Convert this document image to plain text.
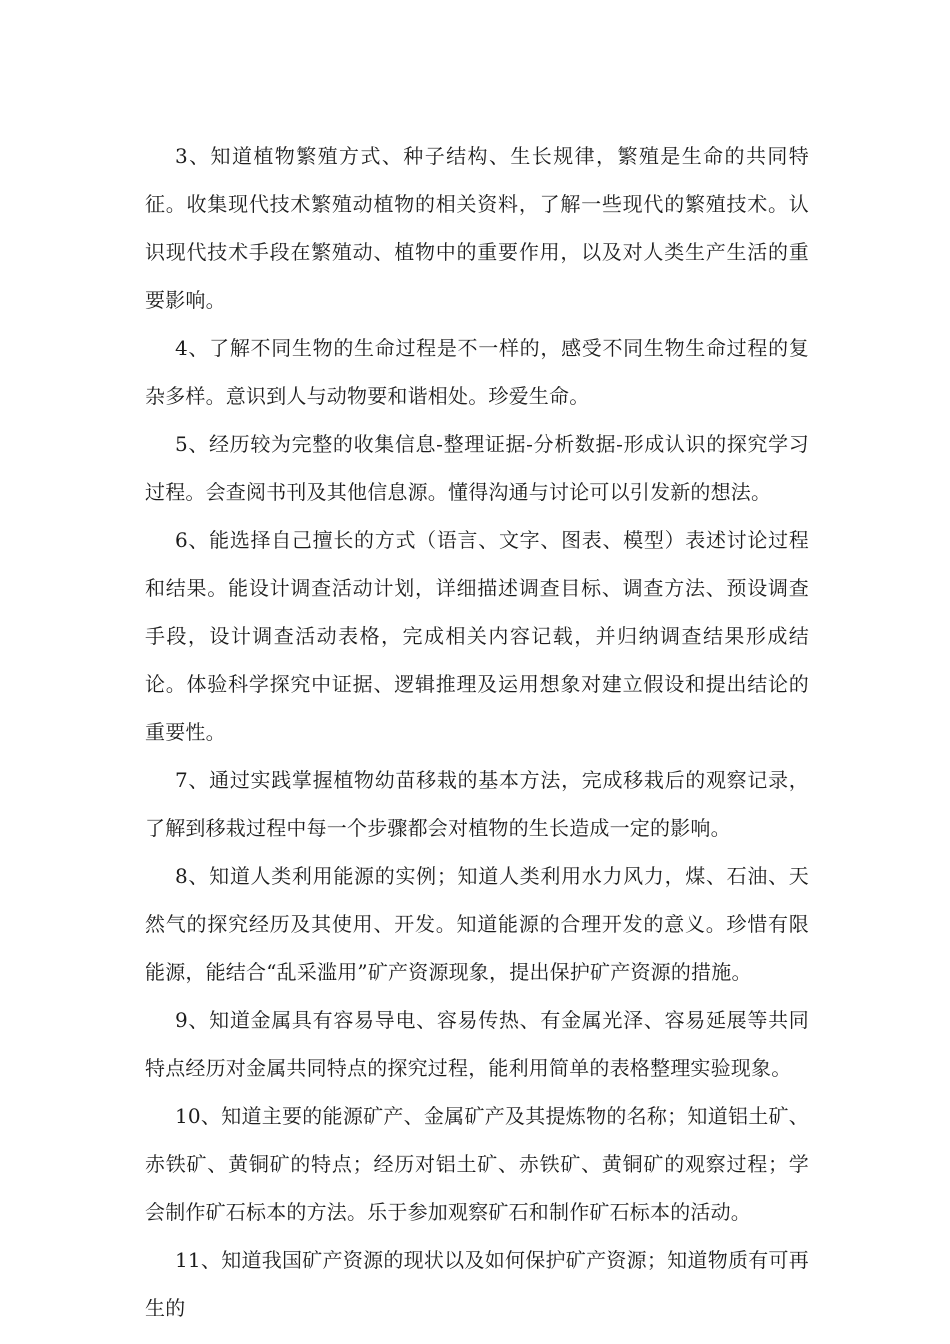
3、知道植物繁殖方式、种子结构、生长规律，繁殖是生命的共同特征。收集现代技术繁殖动植物的相关资料，了解一些现代的繁殖技术。认识现代技术手段在繁殖动、植物中的重要作用，以及对人类生产生活的重要影响。

4、了解不同生物的生命过程是不一样的，感受不同生物生命过程的复杂多样。意识到人与动物要和谐相处。珍爱生命。

5、经历较为完整的收集信息-整理证据-分析数据-形成认识的探究学习过程。会查阅书刊及其他信息源。懂得沟通与讨论可以引发新的想法。

6、能选择自己擅长的方式（语言、文字、图表、模型）表述讨论过程和结果。能设计调查活动计划，详细描述调查目标、调查方法、预设调查手段，设计调查活动表格，完成相关内容记载，并归纳调查结果形成结论。体验科学探究中证据、逻辑推理及运用想象对建立假设和提出结论的重要性。

7、通过实践掌握植物幼苗移栽的基本方法，完成移栽后的观察记录，了解到移栽过程中每一个步骤都会对植物的生长造成一定的影响。

8、知道人类利用能源的实例；知道人类利用水力风力，煤、石油、天然气的探究经历及其使用、开发。知道能源的合理开发的意义。珍惜有限能源，能结合“乱采滥用”矿产资源现象，提出保护矿产资源的措施。

9、知道金属具有容易导电、容易传热、有金属光泽、容易延展等共同特点经历对金属共同特点的探究过程，能利用简单的表格整理实验现象。

10、知道主要的能源矿产、金属矿产及其提炼物的名称；知道铝土矿、赤铁矿、黄铜矿的特点；经历对铝土矿、赤铁矿、黄铜矿的观察过程；学会制作矿石标本的方法。乐于参加观察矿石和制作矿石标本的活动。

11、知道我国矿产资源的现状以及如何保护矿产资源；知道物质有可再生的
